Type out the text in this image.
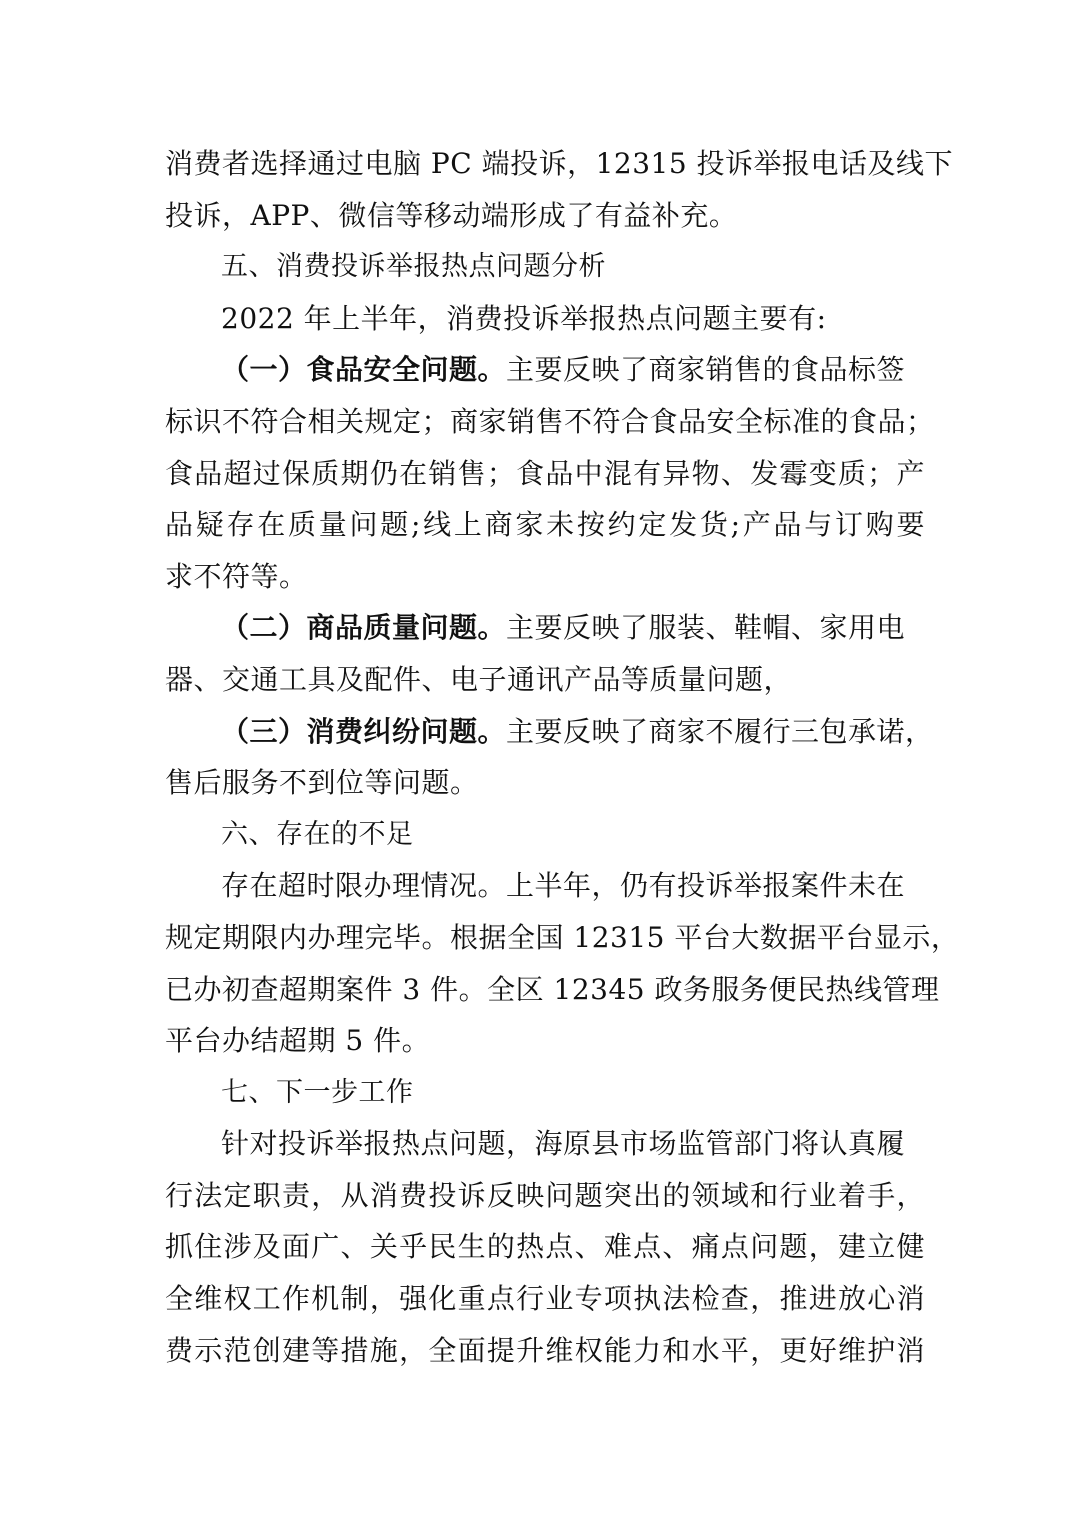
消费者选择通过电脑 PC 端投诉，12315 投诉举报电话及线下
投诉，APP、微信等移动端形成了有益补充。
五、消费投诉举报热点问题分析
2022 年上半年，消费投诉举报热点问题主要有:
（一）食品安全问题。主要反映了商家销售的食品标签
标识不符合相关规定；商家销售不符合食品安全标准的食品；
食品超过保质期仍在销售；食品中混有异物、发霉变质；产
品疑存在质量问题;线上商家未按约定发货;产品与订购要
求不符等。
（二）商品质量问题。主要反映了服装、鞋帽、家用电
器、交通工具及配件、电子通讯产品等质量问题，
（三）消费纠纷问题。主要反映了商家不履行三包承诺，
售后服务不到位等问题。
六、存在的不足
存在超时限办理情况。上半年，仍有投诉举报案件未在
规定期限内办理完毕。根据全国 12315 平台大数据平台显示，
已办初查超期案件 3 件。全区 12345 政务服务便民热线管理
平台办结超期 5 件。
七、下一步工作
针对投诉举报热点问题，海原县市场监管部门将认真履
行法定职责，从消费投诉反映问题突出的领域和行业着手，
抓住涉及面广、关乎民生的热点、难点、痛点问题，建立健
全维权工作机制，强化重点行业专项执法检查，推进放心消
费示范创建等措施，全面提升维权能力和水平，更好维护消
